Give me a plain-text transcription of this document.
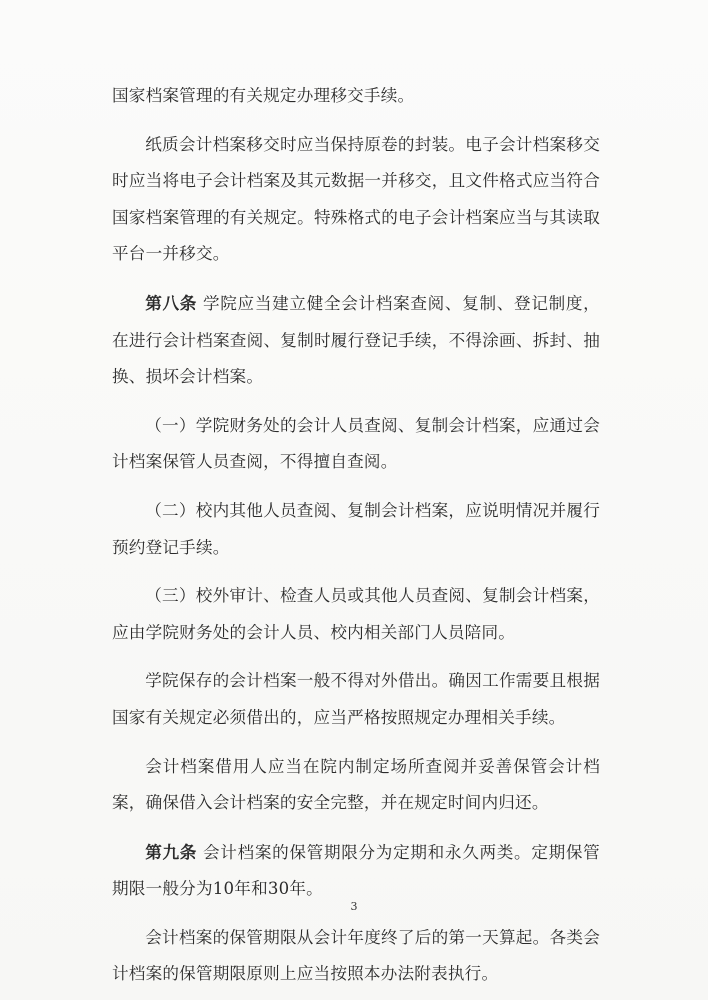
国家档案管理的有关规定办理移交手续。

纸质会计档案移交时应当保持原卷的封装。电子会计档案移交时应当将电子会计档案及其元数据一并移交，且文件格式应当符合国家档案管理的有关规定。特殊格式的电子会计档案应当与其读取平台一并移交。

第八条 学院应当建立健全会计档案查阅、复制、登记制度，在进行会计档案查阅、复制时履行登记手续，不得涂画、拆封、抽换、损坏会计档案。

（一）学院财务处的会计人员查阅、复制会计档案，应通过会计档案保管人员查阅，不得擅自查阅。

（二）校内其他人员查阅、复制会计档案，应说明情况并履行预约登记手续。

（三）校外审计、检查人员或其他人员查阅、复制会计档案，应由学院财务处的会计人员、校内相关部门人员陪同。

学院保存的会计档案一般不得对外借出。确因工作需要且根据国家有关规定必须借出的，应当严格按照规定办理相关手续。

会计档案借用人应当在院内制定场所查阅并妥善保管会计档案，确保借入会计档案的安全完整，并在规定时间内归还。

第九条 会计档案的保管期限分为定期和永久两类。定期保管期限一般分为10年和30年。

会计档案的保管期限从会计年度终了后的第一天算起。各类会计档案的保管期限原则上应当按照本办法附表执行。

3
